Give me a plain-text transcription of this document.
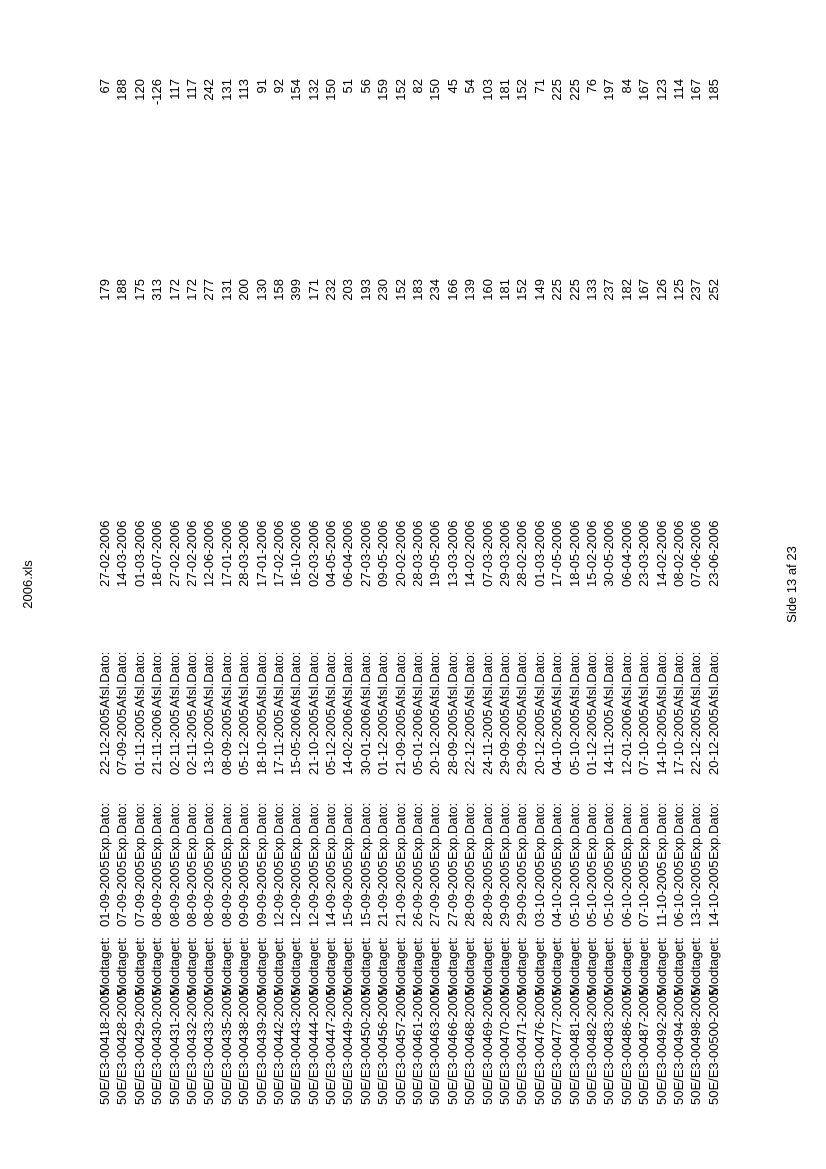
2006.xls
50E/E3-00418-2005
Modtaget:
01-09-2005
Exp.Dato:
22-12-2005
Afsl.Dato:
27-02-2006
179
67
50E/E3-00428-2005
Modtaget:
07-09-2005
Exp.Dato:
07-09-2005
Afsl.Dato:
14-03-2006
188
188
50E/E3-00429-2005
Modtaget:
07-09-2005
Exp.Dato:
01-11-2005
Afsl.Dato:
01-03-2006
175
120
50E/E3-00430-2005
Modtaget:
08-09-2005
Exp.Dato:
21-11-2006
Afsl.Dato:
18-07-2006
313
-126
50E/E3-00431-2005
Modtaget:
08-09-2005
Exp.Dato:
02-11-2005
Afsl.Dato:
27-02-2006
172
117
50E/E3-00432-2005
Modtaget:
08-09-2005
Exp.Dato:
02-11-2005
Afsl.Dato:
27-02-2006
172
117
50E/E3-00433-2005
Modtaget:
08-09-2005
Exp.Dato:
13-10-2005
Afsl.Dato:
12-06-2006
277
242
50E/E3-00435-2005
Modtaget:
08-09-2005
Exp.Dato:
08-09-2005
Afsl.Dato:
17-01-2006
131
131
50E/E3-00438-2005
Modtaget:
09-09-2005
Exp.Dato:
05-12-2005
Afsl.Dato:
28-03-2006
200
113
50E/E3-00439-2005
Modtaget:
09-09-2005
Exp.Dato:
18-10-2005
Afsl.Dato:
17-01-2006
130
91
50E/E3-00442-2005
Modtaget:
12-09-2005
Exp.Dato:
17-11-2005
Afsl.Dato:
17-02-2006
158
92
50E/E3-00443-2005
Modtaget:
12-09-2005
Exp.Dato:
15-05-2006
Afsl.Dato:
16-10-2006
399
154
50E/E3-00444-2005
Modtaget:
12-09-2005
Exp.Dato:
21-10-2005
Afsl.Dato:
02-03-2006
171
132
50E/E3-00447-2005
Modtaget:
14-09-2005
Exp.Dato:
05-12-2005
Afsl.Dato:
04-05-2006
232
150
50E/E3-00449-2005
Modtaget:
15-09-2005
Exp.Dato:
14-02-2006
Afsl.Dato:
06-04-2006
203
51
50E/E3-00450-2005
Modtaget:
15-09-2005
Exp.Dato:
30-01-2006
Afsl.Dato:
27-03-2006
193
56
50E/E3-00456-2005
Modtaget:
21-09-2005
Exp.Dato:
01-12-2005
Afsl.Dato:
09-05-2006
230
159
50E/E3-00457-2005
Modtaget:
21-09-2005
Exp.Dato:
21-09-2005
Afsl.Dato:
20-02-2006
152
152
50E/E3-00461-2005
Modtaget:
26-09-2005
Exp.Dato:
05-01-2006
Afsl.Dato:
28-03-2006
183
82
50E/E3-00463-2005
Modtaget:
27-09-2005
Exp.Dato:
20-12-2005
Afsl.Dato:
19-05-2006
234
150
50E/E3-00466-2005
Modtaget:
27-09-2005
Exp.Dato:
28-09-2005
Afsl.Dato:
13-03-2006
166
45
50E/E3-00468-2005
Modtaget:
28-09-2005
Exp.Dato:
22-12-2005
Afsl.Dato:
14-02-2006
139
54
50E/E3-00469-2005
Modtaget:
28-09-2005
Exp.Dato:
24-11-2005
Afsl.Dato:
07-03-2006
160
103
50E/E3-00470-2005
Modtaget:
29-09-2005
Exp.Dato:
29-09-2005
Afsl.Dato:
29-03-2006
181
181
50E/E3-00471-2005
Modtaget:
29-09-2005
Exp.Dato:
29-09-2005
Afsl.Dato:
28-02-2006
152
152
50E/E3-00476-2005
Modtaget:
03-10-2005
Exp.Dato:
20-12-2005
Afsl.Dato:
01-03-2006
149
71
50E/E3-00477-2005
Modtaget:
04-10-2005
Exp.Dato:
04-10-2005
Afsl.Dato:
17-05-2006
225
225
50E/E3-00481-2005
Modtaget:
05-10-2005
Exp.Dato:
05-10-2005
Afsl.Dato:
18-05-2006
225
225
50E/E3-00482-2005
Modtaget:
05-10-2005
Exp.Dato:
01-12-2005
Afsl.Dato:
15-02-2006
133
76
50E/E3-00483-2005
Modtaget:
05-10-2005
Exp.Dato:
14-11-2005
Afsl.Dato:
30-05-2006
237
197
50E/E3-00486-2005
Modtaget:
06-10-2005
Exp.Dato:
12-01-2006
Afsl.Dato:
06-04-2006
182
84
50E/E3-00487-2005
Modtaget:
07-10-2005
Exp.Dato:
07-10-2005
Afsl.Dato:
23-03-2006
167
167
50E/E3-00492-2005
Modtaget:
11-10-2005
Exp.Dato:
14-10-2005
Afsl.Dato:
14-02-2006
126
123
50E/E3-00494-2005
Modtaget:
06-10-2005
Exp.Dato:
17-10-2005
Afsl.Dato:
08-02-2006
125
114
50E/E3-00498-2005
Modtaget:
13-10-2005
Exp.Dato:
22-12-2005
Afsl.Dato:
07-06-2006
237
167
50E/E3-00500-2005
Modtaget:
14-10-2005
Exp.Dato:
20-12-2005
Afsl.Dato:
23-06-2006
252
185
Side 13 af 23
